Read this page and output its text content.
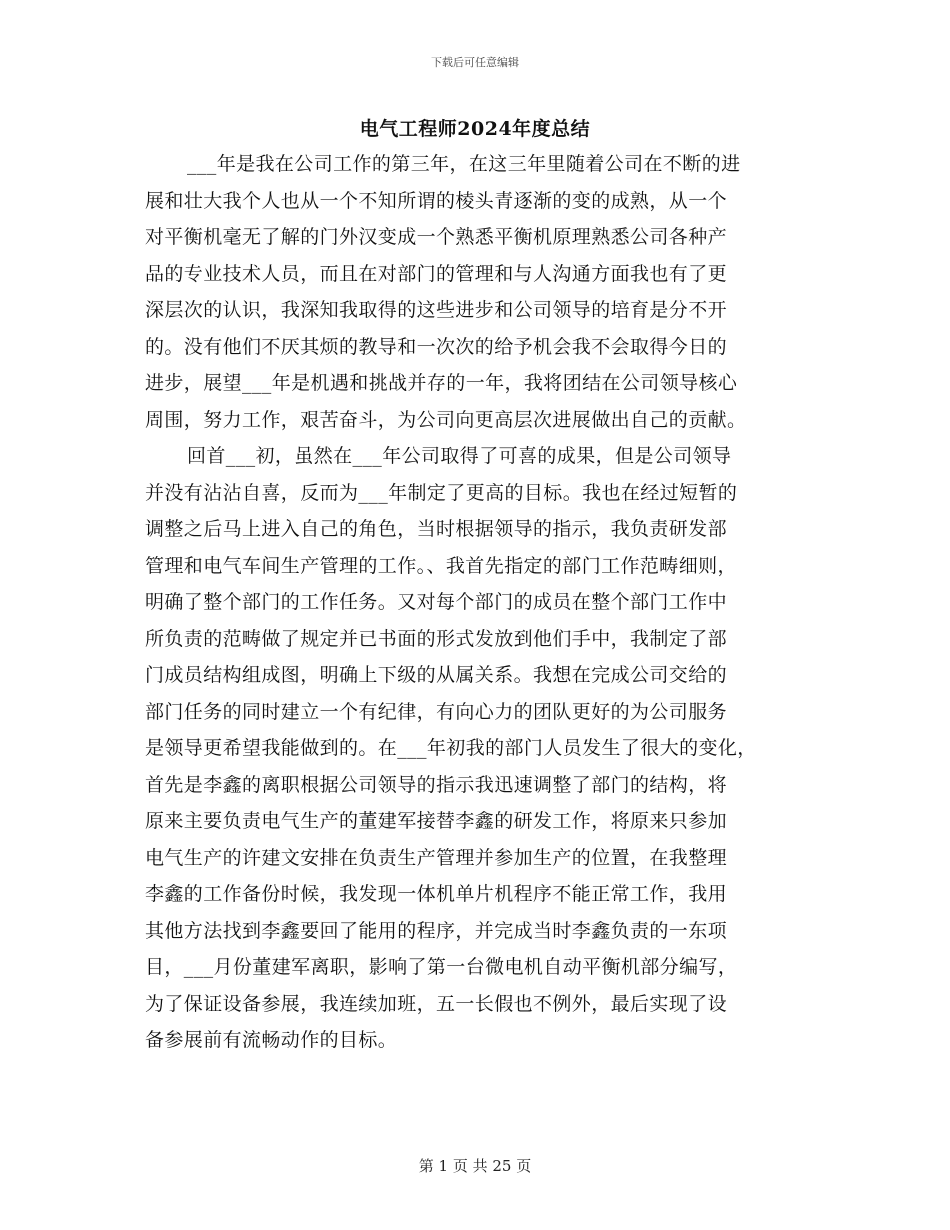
下载后可任意编辑
电气工程师2024年度总结
___年是我在公司工作的第三年，在这三年里随着公司在不断的进
展和壮大我个人也从一个不知所谓的棱头青逐渐的变的成熟，从一个
对平衡机毫无了解的门外汉变成一个熟悉平衡机原理熟悉公司各种产
品的专业技术人员，而且在对部门的管理和与人沟通方面我也有了更
深层次的认识，我深知我取得的这些进步和公司领导的培育是分不开
的。没有他们不厌其烦的教导和一次次的给予机会我不会取得今日的
进步，展望___年是机遇和挑战并存的一年，我将团结在公司领导核心
周围，努力工作，艰苦奋斗，为公司向更高层次进展做出自己的贡献。
回首___初，虽然在___年公司取得了可喜的成果，但是公司领导
并没有沾沾自喜，反而为___年制定了更高的目标。我也在经过短暂的
调整之后马上进入自己的角色，当时根据领导的指示，我负责研发部
管理和电气车间生产管理的工作。、我首先指定的部门工作范畴细则，
明确了整个部门的工作任务。又对每个部门的成员在整个部门工作中
所负责的范畴做了规定并已书面的形式发放到他们手中，我制定了部
门成员结构组成图，明确上下级的从属关系。我想在完成公司交给的
部门任务的同时建立一个有纪律，有向心力的团队更好的为公司服务
是领导更希望我能做到的。在___年初我的部门人员发生了很大的变化，
首先是李鑫的离职根据公司领导的指示我迅速调整了部门的结构，将
原来主要负责电气生产的董建军接替李鑫的研发工作，将原来只参加
电气生产的许建文安排在负责生产管理并参加生产的位置，在我整理
李鑫的工作备份时候，我发现一体机单片机程序不能正常工作，我用
其他方法找到李鑫要回了能用的程序，并完成当时李鑫负责的一东项
目，___月份董建军离职，影响了第一台微电机自动平衡机部分编写，
为了保证设备参展，我连续加班，五一长假也不例外，最后实现了设
备参展前有流畅动作的目标。
第 1 页 共 25 页
